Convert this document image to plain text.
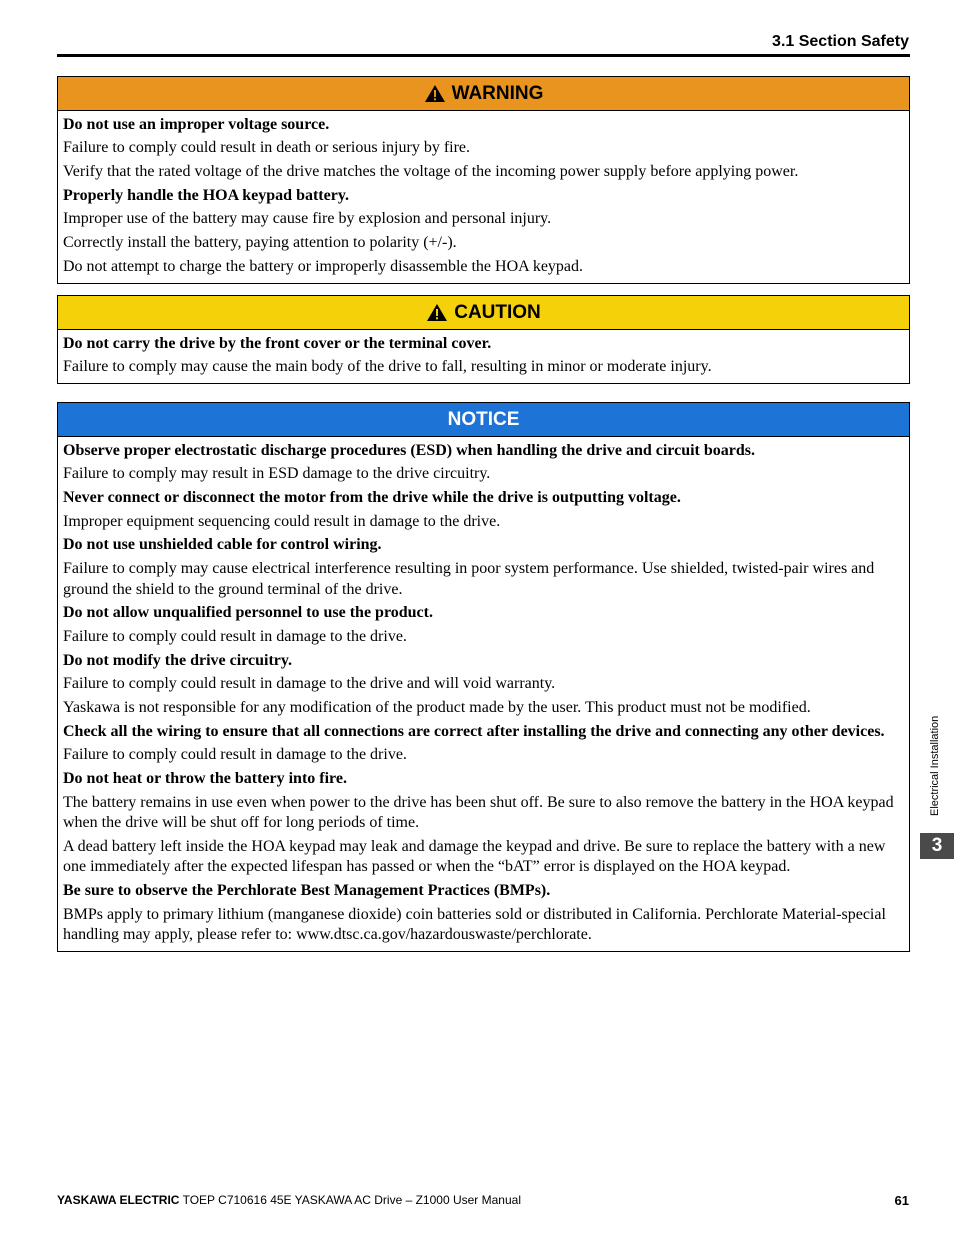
3.1 Section Safety
WARNING

Do not use an improper voltage source.

Failure to comply could result in death or serious injury by fire.

Verify that the rated voltage of the drive matches the voltage of the incoming power supply before applying power.

Properly handle the HOA keypad battery.

Improper use of the battery may cause fire by explosion and personal injury.

Correctly install the battery, paying attention to polarity (+/-).

Do not attempt to charge the battery or improperly disassemble the HOA keypad.

CAUTION

Do not carry the drive by the front cover or the terminal cover.

Failure to comply may cause the main body of the drive to fall, resulting in minor or moderate injury.

NOTICE

Observe proper electrostatic discharge procedures (ESD) when handling the drive and circuit boards.

Failure to comply may result in ESD damage to the drive circuitry.

Never connect or disconnect the motor from the drive while the drive is outputting voltage.

Improper equipment sequencing could result in damage to the drive.

Do not use unshielded cable for control wiring.

Failure to comply may cause electrical interference resulting in poor system performance. Use shielded, twisted-pair wires and ground the shield to the ground terminal of the drive.

Do not allow unqualified personnel to use the product.

Failure to comply could result in damage to the drive.

Do not modify the drive circuitry.

Failure to comply could result in damage to the drive and will void warranty.

Yaskawa is not responsible for any modification of the product made by the user. This product must not be modified.

Check all the wiring to ensure that all connections are correct after installing the drive and connecting any other devices.

Failure to comply could result in damage to the drive.

Do not heat or throw the battery into fire.

The battery remains in use even when power to the drive has been shut off. Be sure to also remove the battery in the HOA keypad when the drive will be shut off for long periods of time.

A dead battery left inside the HOA keypad may leak and damage the keypad and drive. Be sure to replace the battery with a new one immediately after the expected lifespan has passed or when the “bAT” error is displayed on the HOA keypad.

Be sure to observe the Perchlorate Best Management Practices (BMPs).

BMPs apply to primary lithium (manganese dioxide) coin batteries sold or distributed in California. Perchlorate Material-special handling may apply, please refer to: www.dtsc.ca.gov/hazardouswaste/perchlorate.

Electrical Installation
3
YASKAWA ELECTRIC TOEP C710616 45E YASKAWA AC Drive – Z1000 User Manual	61
